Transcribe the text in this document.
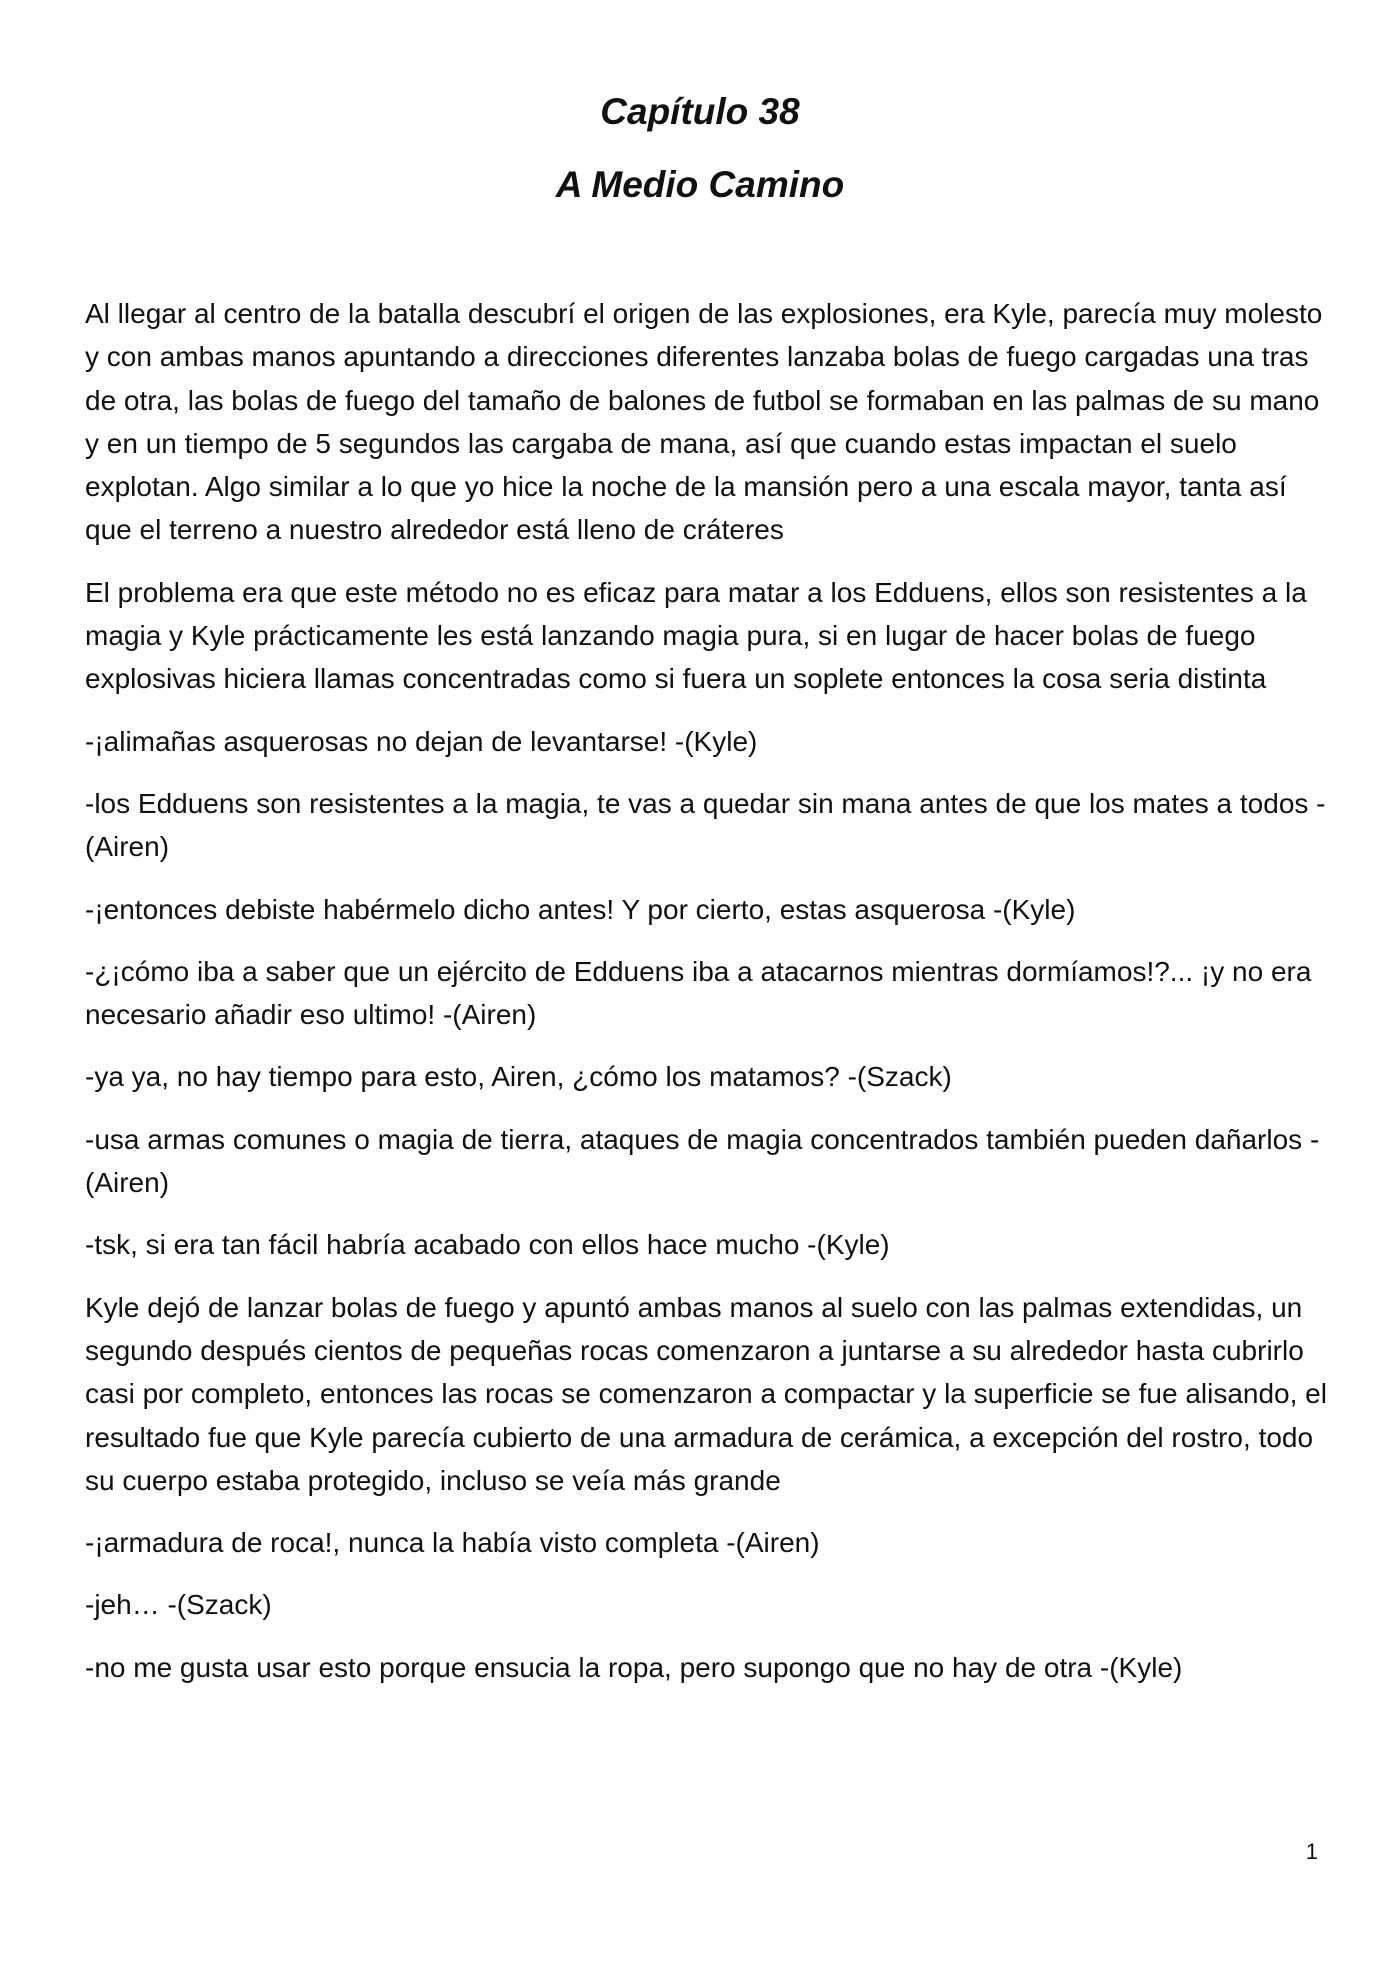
Capítulo 38
A Medio Camino

Al llegar al centro de la batalla descubrí el origen de las explosiones, era Kyle, parecía muy molesto y con ambas manos apuntando a direcciones diferentes lanzaba bolas de fuego cargadas una tras de otra, las bolas de fuego del tamaño de balones de futbol se formaban en las palmas de su mano y en un tiempo de 5 segundos las cargaba de mana, así que cuando estas impactan el suelo explotan. Algo similar a lo que yo hice la noche de la mansión pero a una escala mayor, tanta así que el terreno a nuestro alrededor está lleno de cráteres

El problema era que este método no es eficaz para matar a los Edduens, ellos son resistentes a la magia y Kyle prácticamente les está lanzando magia pura, si en lugar de hacer bolas de fuego explosivas hiciera llamas concentradas como si fuera un soplete entonces la cosa seria distinta

-¡alimañas asquerosas no dejan de levantarse! -(Kyle)

-los Edduens son resistentes a la magia, te vas a quedar sin mana antes de que los mates a todos -(Airen)

-¡entonces debiste habérmelo dicho antes! Y por cierto, estas asquerosa -(Kyle)

-¿¡cómo iba a saber que un ejército de Edduens iba a atacarnos mientras dormíamos!?... ¡y no era necesario añadir eso ultimo! -(Airen)

-ya ya, no hay tiempo para esto, Airen, ¿cómo los matamos? -(Szack)

-usa armas comunes o magia de tierra, ataques de magia concentrados también pueden dañarlos -(Airen)

-tsk, si era tan fácil habría acabado con ellos hace mucho -(Kyle)

Kyle dejó de lanzar bolas de fuego y apuntó ambas manos al suelo con las palmas extendidas, un segundo después cientos de pequeñas rocas comenzaron a juntarse a su alrededor hasta cubrirlo casi por completo, entonces las rocas se comenzaron a compactar y la superficie se fue alisando, el resultado fue que Kyle parecía cubierto de una armadura de cerámica, a excepción del rostro, todo su cuerpo estaba protegido, incluso se veía más grande

-¡armadura de roca!, nunca la había visto completa -(Airen)

-jeh… -(Szack)

-no me gusta usar esto porque ensucia la ropa, pero supongo que no hay de otra -(Kyle)

1
